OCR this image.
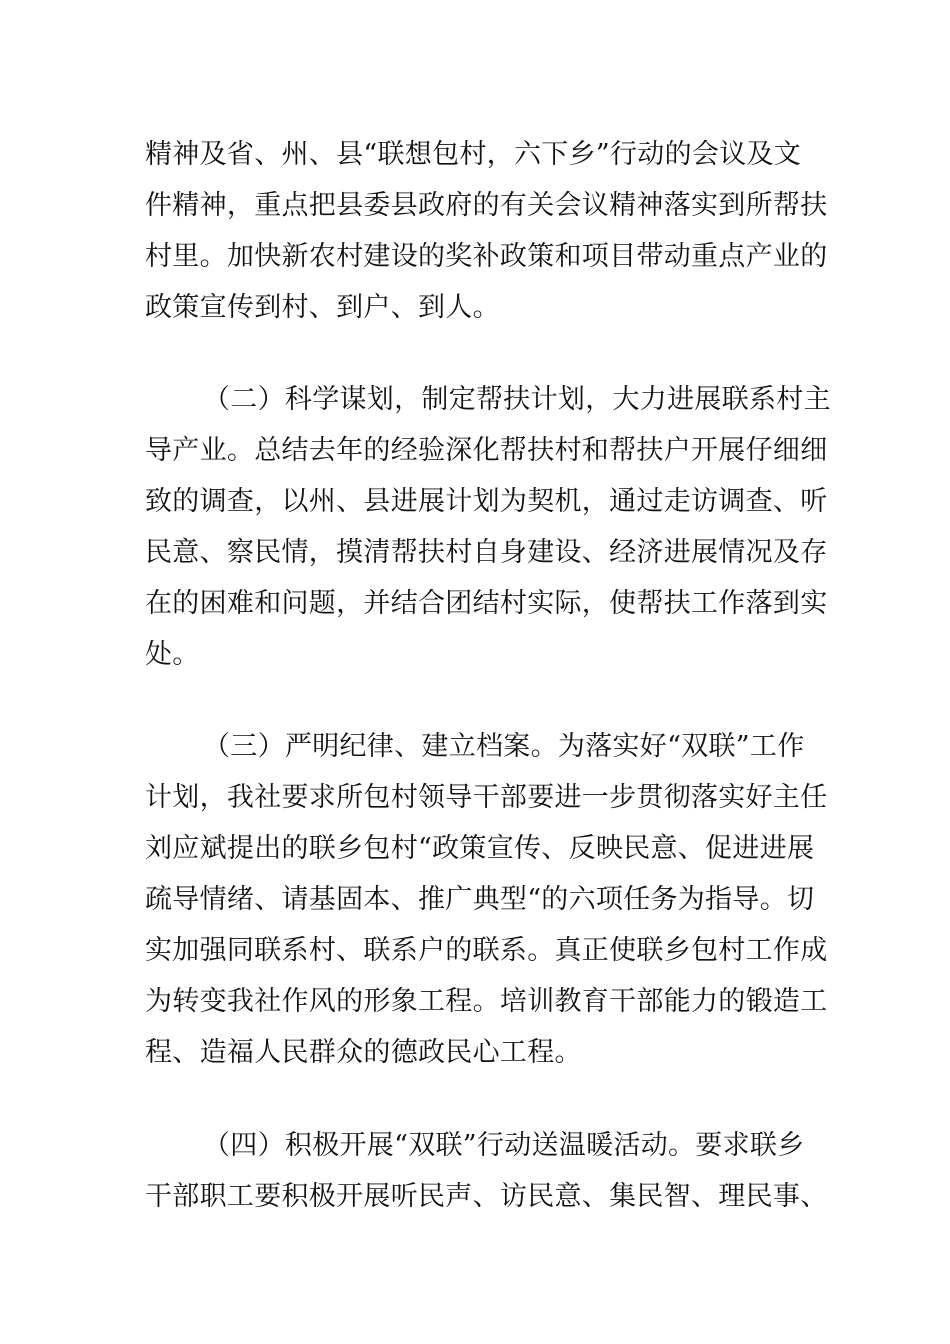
精神及省、州、县“联想包村，六下乡”行动的会议及文
件精神，重点把县委县政府的有关会议精神落实到所帮扶
村里。加快新农村建设的奖补政策和项目带动重点产业的
政策宣传到村、到户、到人。
（二）科学谋划，制定帮扶计划，大力进展联系村主
导产业。总结去年的经验深化帮扶村和帮扶户开展仔细细
致的调查，以州、县进展计划为契机，通过走访调查、听
民意、察民情，摸清帮扶村自身建设、经济进展情况及存
在的困难和问题，并结合团结村实际，使帮扶工作落到实
处。
（三）严明纪律、建立档案。为落实好“双联”工作
计划，我社要求所包村领导干部要进一步贯彻落实好主任
刘应斌提出的联乡包村“政策宣传、反映民意、促进进展
疏导情绪、请基固本、推广典型“的六项任务为指导。切
实加强同联系村、联系户的联系。真正使联乡包村工作成
为转变我社作风的形象工程。培训教育干部能力的锻造工
程、造福人民群众的德政民心工程。
（四）积极开展“双联”行动送温暖活动。要求联乡
干部职工要积极开展听民声、访民意、集民智、理民事、
